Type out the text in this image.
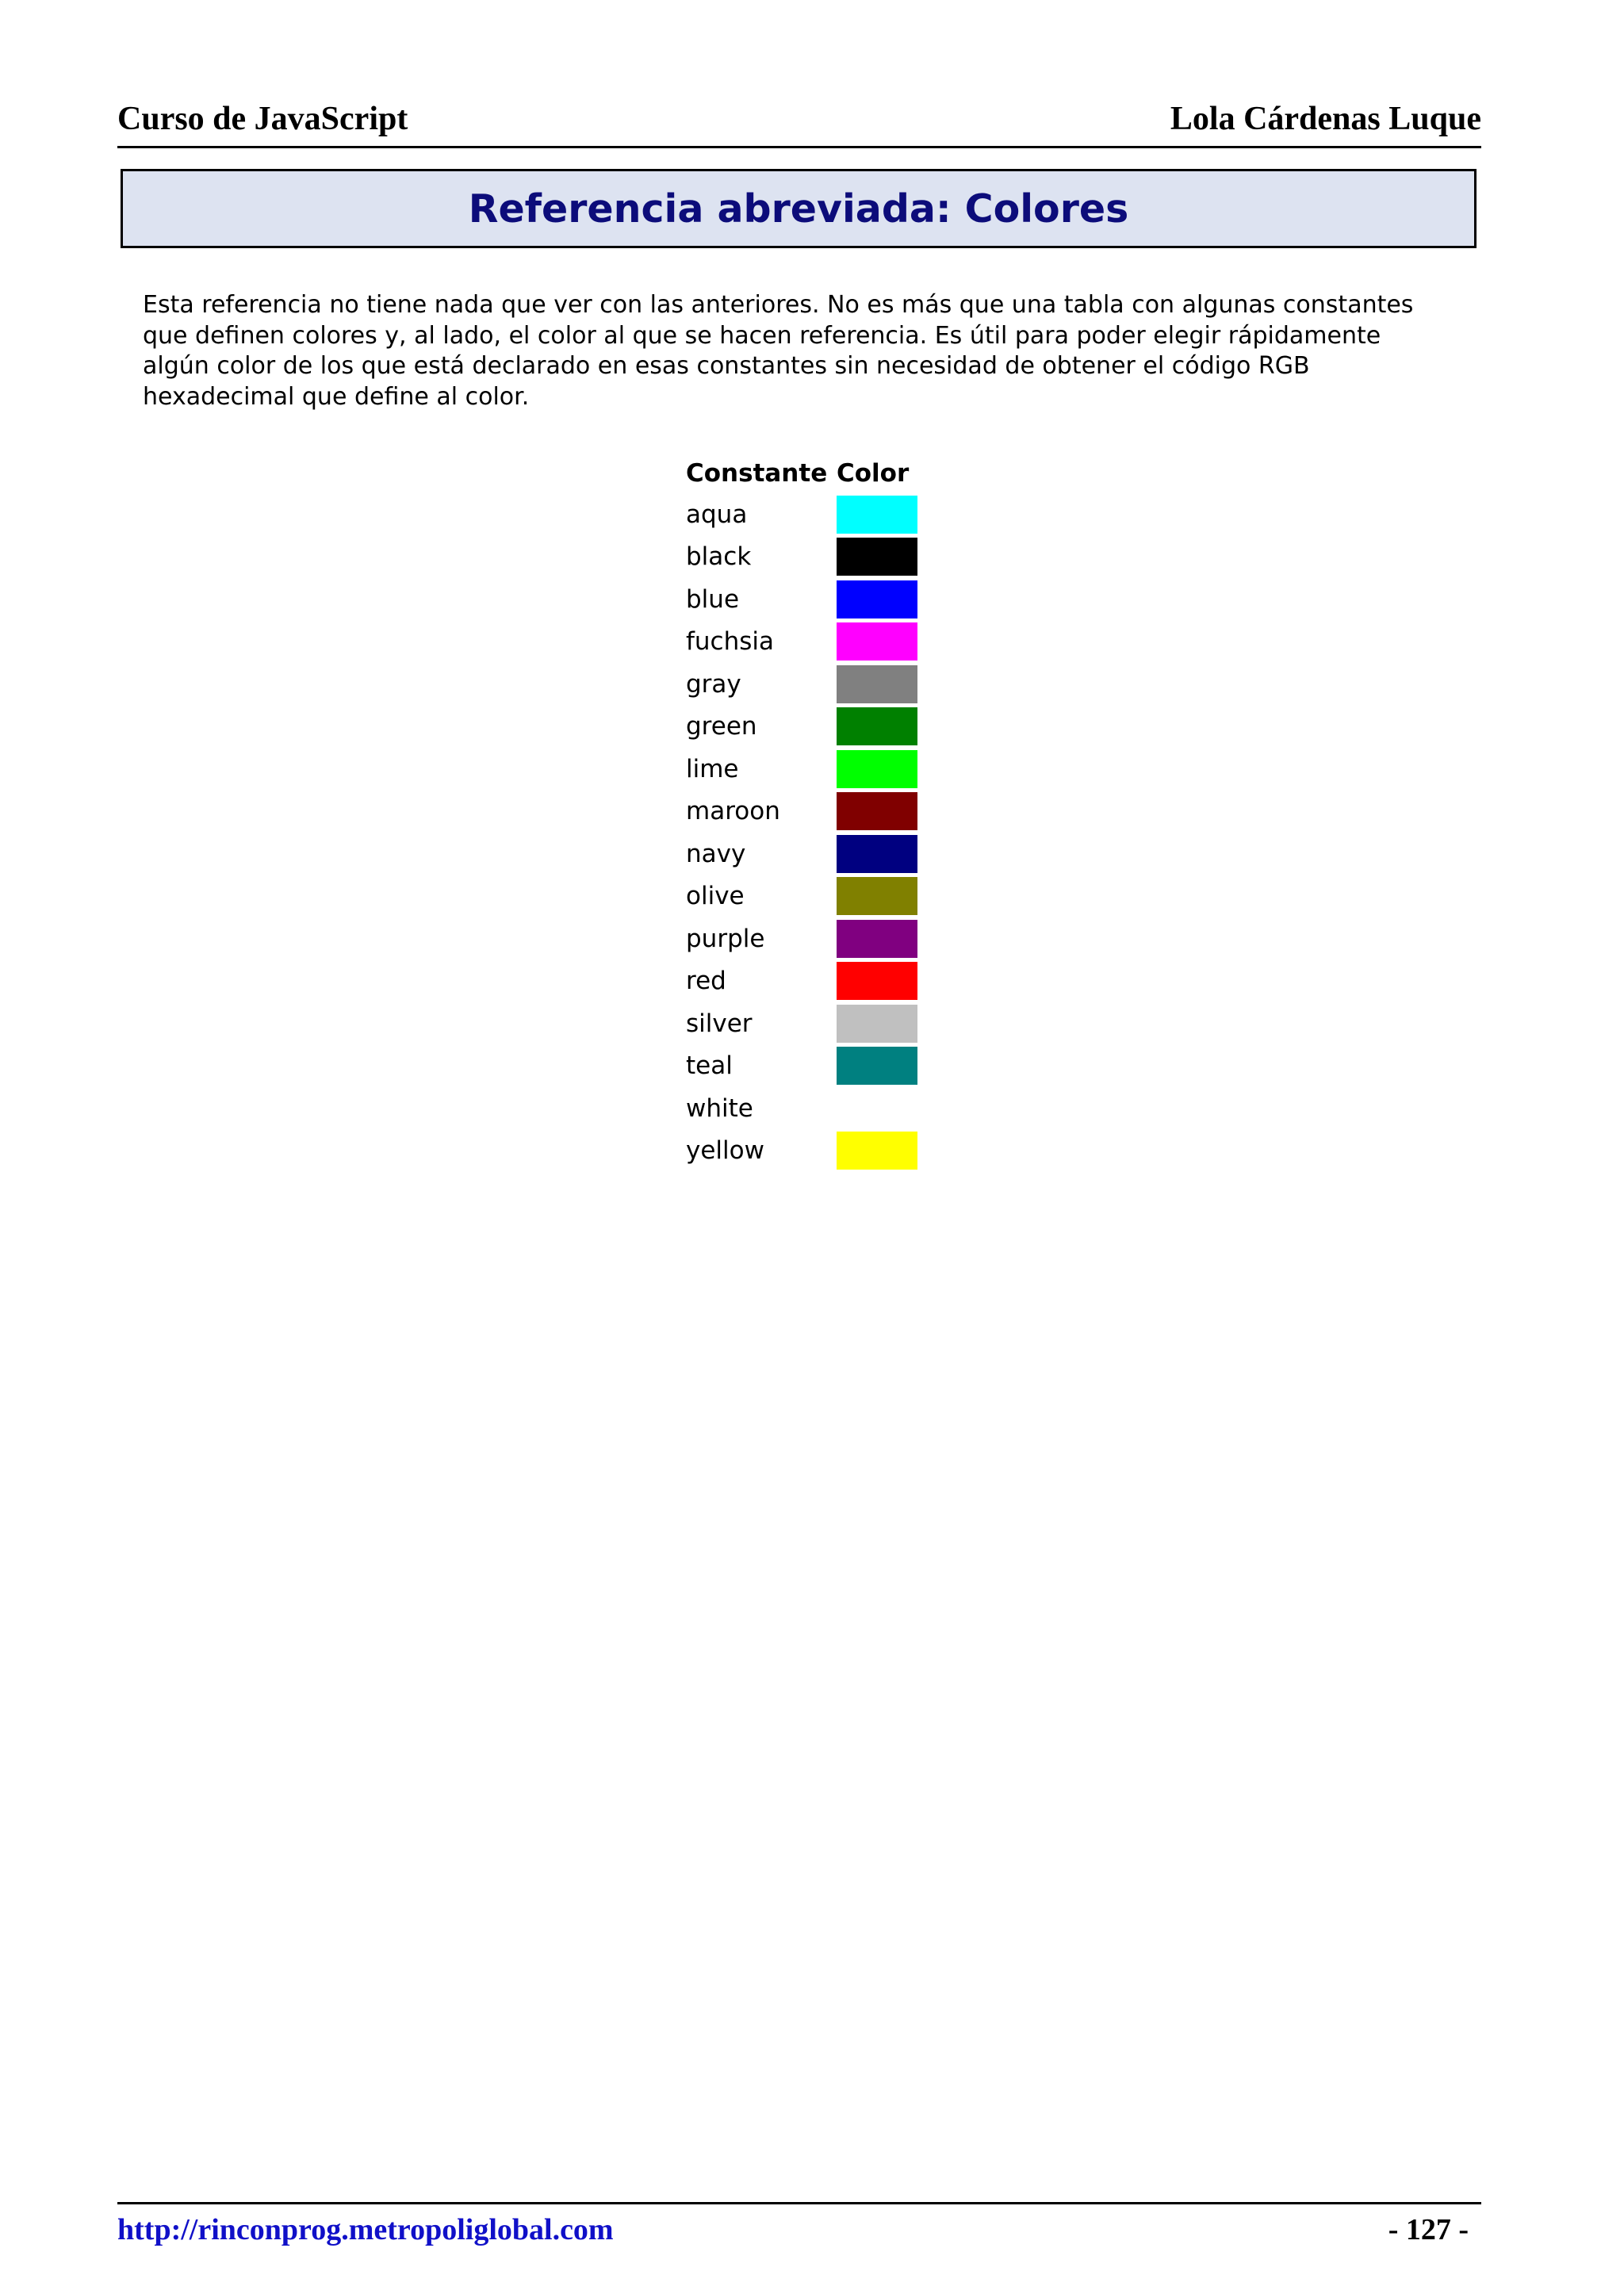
Curso de JavaScript	Lola Cárdenas Luque
Referencia abreviada: Colores

Esta referencia no tiene nada que ver con las anteriores. No es más que una tabla con algunas constantes que definen colores y, al lado, el color al que se hacen referencia. Es útil para poder elegir rápidamente algún color de los que está declarado en esas constantes sin necesidad de obtener el código RGB hexadecimal que define al color.

Constante	Color
aqua	

black	

blue	

fuchsia	

gray	

green	

lime	

maroon	

navy	

olive	

purple	

red	

silver	

teal	

white	

yellow	
http://rinconprog.metropoliglobal.com	- 127 -
